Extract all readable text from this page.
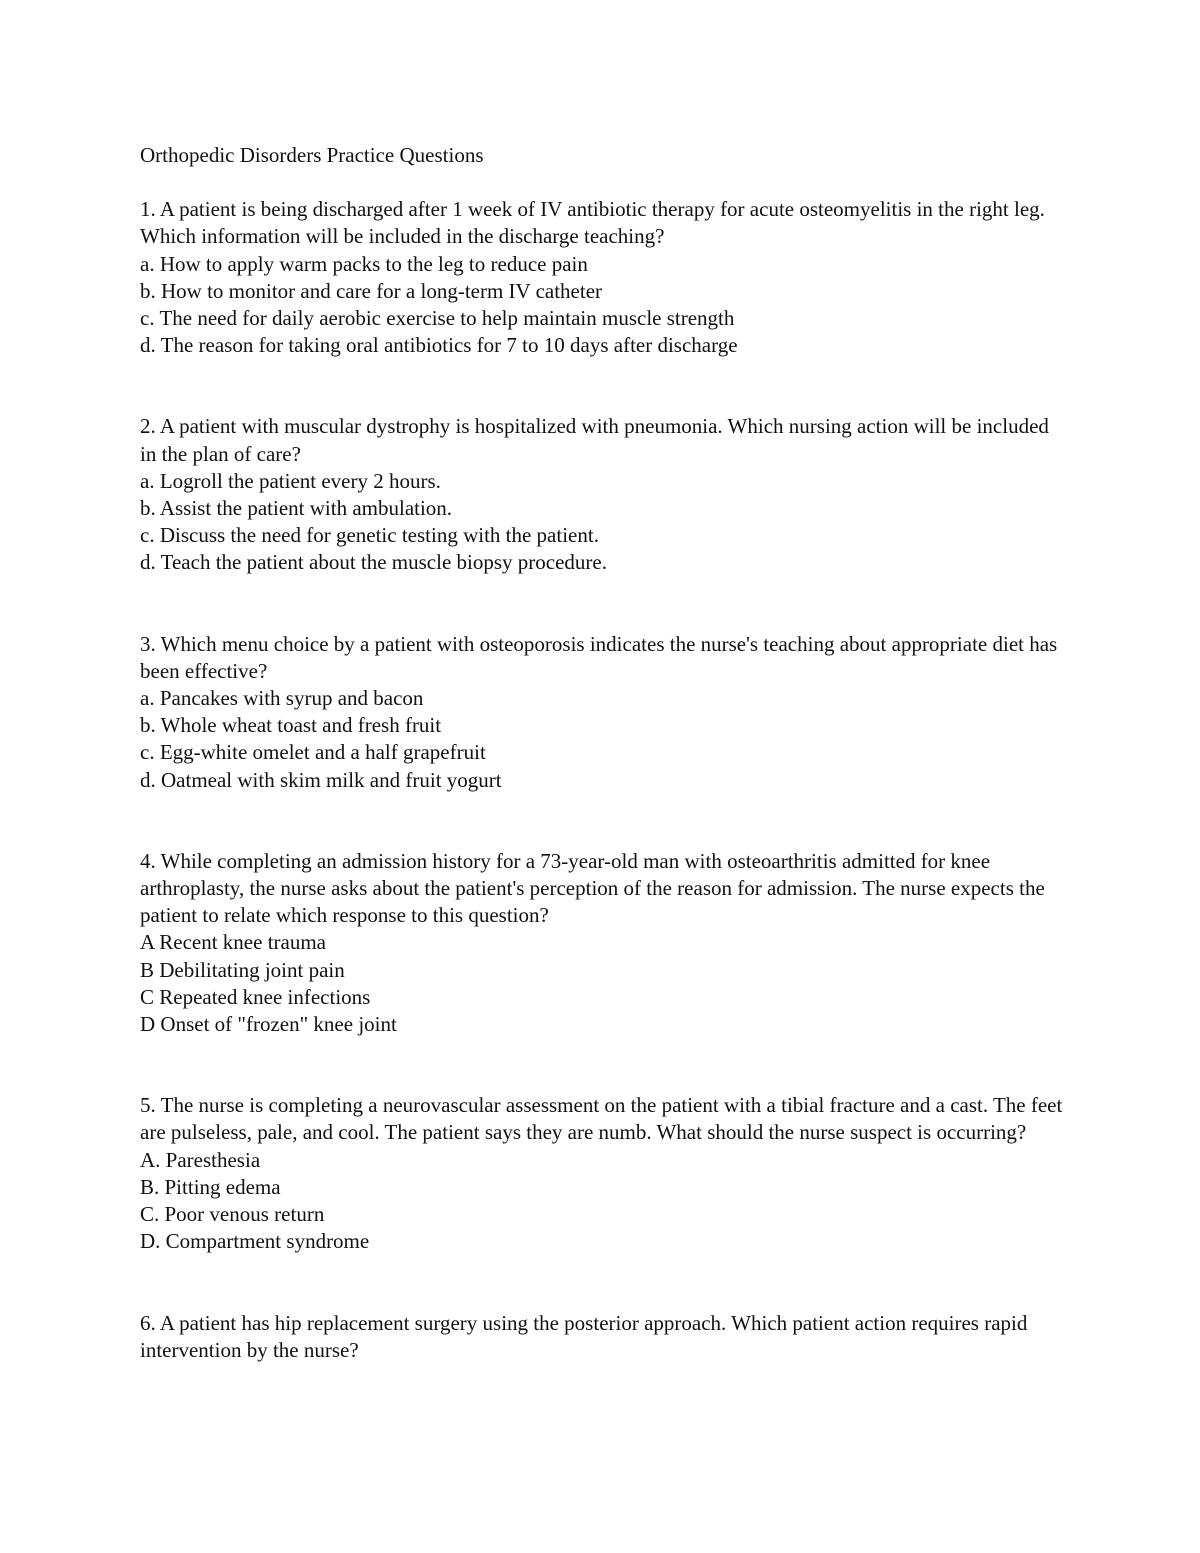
Orthopedic Disorders Practice Questions

1. A patient is being discharged after 1 week of IV antibiotic therapy for acute osteomyelitis in the right leg. Which information will be included in the discharge teaching?

a. How to apply warm packs to the leg to reduce pain
b. How to monitor and care for a long-term IV catheter
c. The need for daily aerobic exercise to help maintain muscle strength
d. The reason for taking oral antibiotics for 7 to 10 days after discharge

2. A patient with muscular dystrophy is hospitalized with pneumonia. Which nursing action will be included in the plan of care?

a. Logroll the patient every 2 hours.
b. Assist the patient with ambulation.
c. Discuss the need for genetic testing with the patient.
d. Teach the patient about the muscle biopsy procedure.

3. Which menu choice by a patient with osteoporosis indicates the nurse's teaching about appropriate diet has been effective?

a. Pancakes with syrup and bacon
b. Whole wheat toast and fresh fruit
c. Egg-white omelet and a half grapefruit
d. Oatmeal with skim milk and fruit yogurt

4. While completing an admission history for a 73-year-old man with osteoarthritis admitted for knee arthroplasty, the nurse asks about the patient's perception of the reason for admission. The nurse expects the patient to relate which response to this question?

A Recent knee trauma
B Debilitating joint pain
C Repeated knee infections
D Onset of "frozen" knee joint

5. The nurse is completing a neurovascular assessment on the patient with a tibial fracture and a cast. The feet are pulseless, pale, and cool. The patient says they are numb. What should the nurse suspect is occurring?

A. Paresthesia
B. Pitting edema
C. Poor venous return
D. Compartment syndrome

6. A patient has hip replacement surgery using the posterior approach. Which patient action requires rapid intervention by the nurse?
